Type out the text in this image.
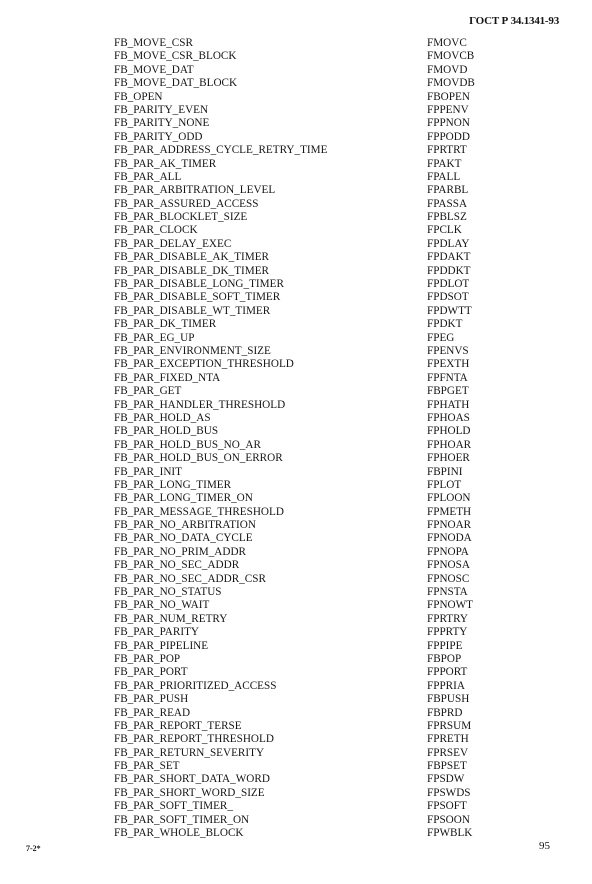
ГОСТ Р 34.1341-93
FB_MOVE_CSR	FMOVC
FB_MOVE_CSR_BLOCK	FMOVCB
FB_MOVE_DAT	FMOVD
FB_MOVE_DAT_BLOCK	FMOVDB
FB_OPEN	FBOPEN
FB_PARITY_EVEN	FPPENV
FB_PARITY_NONE	FPPNON
FB_PARITY_ODD	FPPODD
FB_PAR_ADDRESS_CYCLE_RETRY_TIME	FPRTRT
FB_PAR_AK_TIMER	FPAKT
FB_PAR_ALL	FPALL
FB_PAR_ARBITRATION_LEVEL	FPARBL
FB_PAR_ASSURED_ACCESS	FPASSA
FB_PAR_BLOCKLET_SIZE	FPBLSZ
FB_PAR_CLOCK	FPCLK
FB_PAR_DELAY_EXEC	FPDLAY
FB_PAR_DISABLE_AK_TIMER	FPDAKT
FB_PAR_DISABLE_DK_TIMER	FPDDKT
FB_PAR_DISABLE_LONG_TIMER	FPDLOT
FB_PAR_DISABLE_SOFT_TIMER	FPDSOT
FB_PAR_DISABLE_WT_TIMER	FPDWTT
FB_PAR_DK_TIMER	FPDKT
FB_PAR_EG_UP	FPEG
FB_PAR_ENVIRONMENT_SIZE	FPENVS
FB_PAR_EXCEPTION_THRESHOLD	FPEXTH
FB_PAR_FIXED_NTA	FPFNTA
FB_PAR_GET	FBPGET
FB_PAR_HANDLER_THRESHOLD	FPHATH
FB_PAR_HOLD_AS	FPHOAS
FB_PAR_HOLD_BUS	FPHOLD
FB_PAR_HOLD_BUS_NO_AR	FPHOAR
FB_PAR_HOLD_BUS_ON_ERROR	FPHOER
FB_PAR_INIT	FBPINI
FB_PAR_LONG_TIMER	FPLOT
FB_PAR_LONG_TIMER_ON	FPLOON
FB_PAR_MESSAGE_THRESHOLD	FPMETH
FB_PAR_NO_ARBITRATION	FPNOAR
FB_PAR_NO_DATA_CYCLE	FPNODA
FB_PAR_NO_PRIM_ADDR	FPNOPA
FB_PAR_NO_SEC_ADDR	FPNOSA
FB_PAR_NO_SEC_ADDR_CSR	FPNOSC
FB_PAR_NO_STATUS	FPNSTA
FB_PAR_NO_WAIT	FPNOWT
FB_PAR_NUM_RETRY	FPRTRY
FB_PAR_PARITY	FPPRTY
FB_PAR_PIPELINE	FPPIPE
FB_PAR_POP	FBPOP
FB_PAR_PORT	FPPORT
FB_PAR_PRIORITIZED_ACCESS	FPPRIA
FB_PAR_PUSH	FBPUSH
FB_PAR_READ	FBPRD
FB_PAR_REPORT_TERSE	FPRSUM
FB_PAR_REPORT_THRESHOLD	FPRETH
FB_PAR_RETURN_SEVERITY	FPRSEV
FB_PAR_SET	FBPSET
FB_PAR_SHORT_DATA_WORD	FPSDW
FB_PAR_SHORT_WORD_SIZE	FPSWDS
FB_PAR_SOFT_TIMER_	FPSOFT
FB_PAR_SOFT_TIMER_ON	FPSOON
FB_PAR_WHOLE_BLOCK	FPWBLK
7-2*	95
